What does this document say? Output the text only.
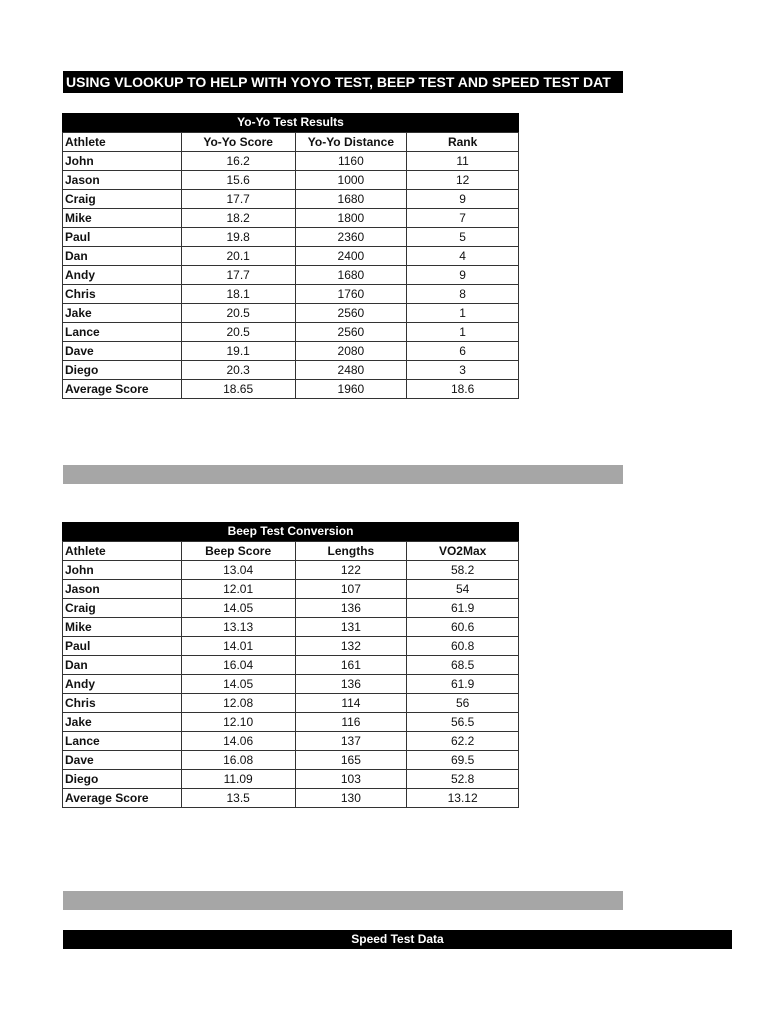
USING VLOOKUP TO HELP WITH YOYO TEST, BEEP TEST AND SPEED TEST DAT
Yo-Yo Test Results
Athlete	Yo-Yo Score	Yo-Yo Distance	Rank
John	16.2	1160	11
Jason	15.6	1000	12
Craig	17.7	1680	9
Mike	18.2	1800	7
Paul	19.8	2360	5
Dan	20.1	2400	4
Andy	17.7	1680	9
Chris	18.1	1760	8
Jake	20.5	2560	1
Lance	20.5	2560	1
Dave	19.1	2080	6
Diego	20.3	2480	3
Average Score	18.65	1960	18.6
Beep Test Conversion
Athlete	Beep Score	Lengths	VO2Max
John	13.04	122	58.2
Jason	12.01	107	54
Craig	14.05	136	61.9
Mike	13.13	131	60.6
Paul	14.01	132	60.8
Dan	16.04	161	68.5
Andy	14.05	136	61.9
Chris	12.08	114	56
Jake	12.10	116	56.5
Lance	14.06	137	62.2
Dave	16.08	165	69.5
Diego	11.09	103	52.8
Average Score	13.5	130	13.12
Speed Test Data
